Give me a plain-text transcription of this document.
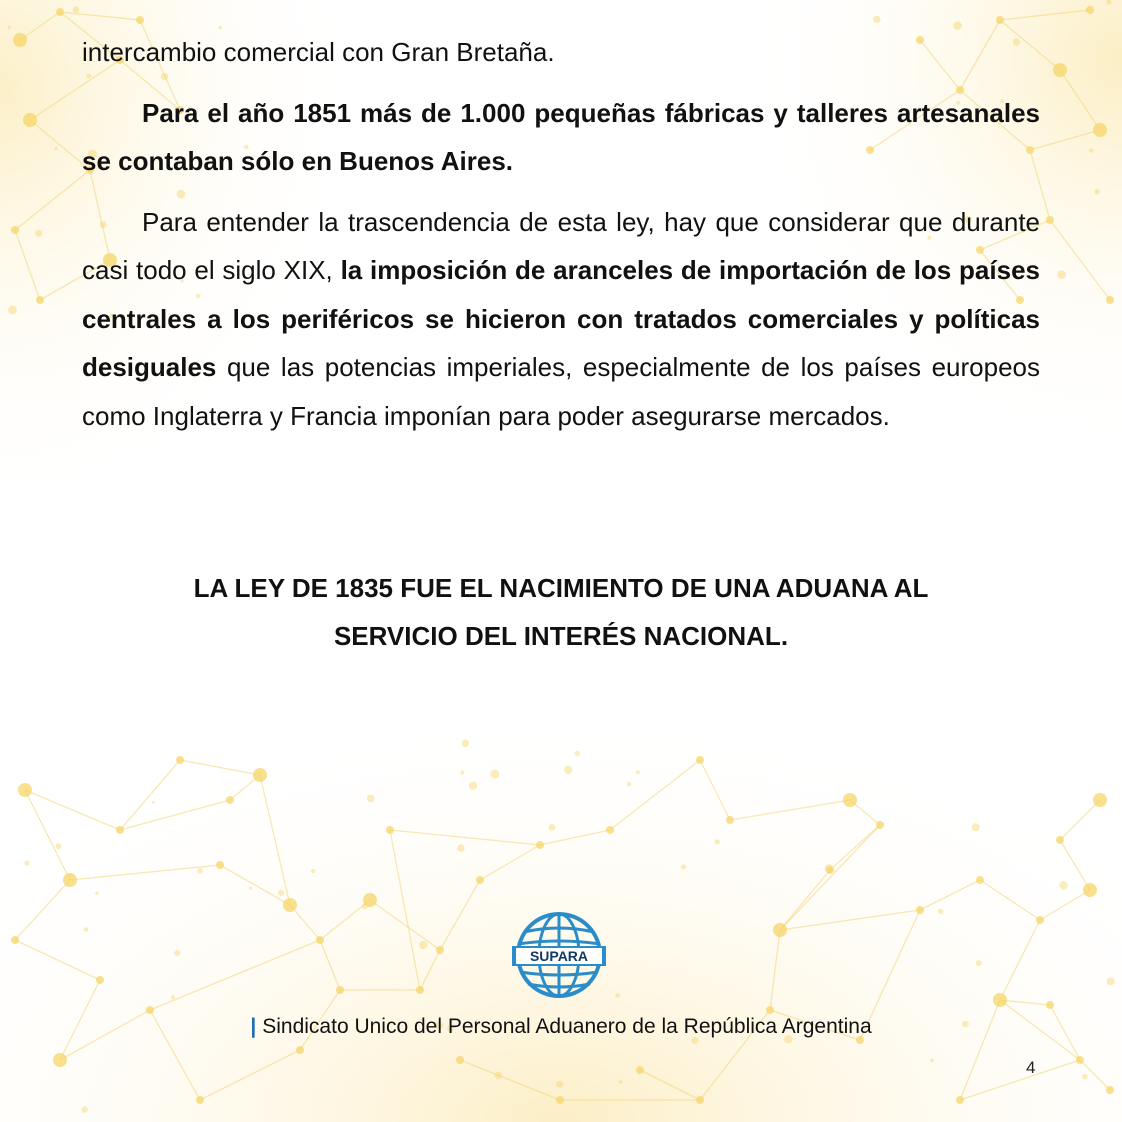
intercambio comercial con Gran Bretaña.

Para el año 1851 más de 1.000 pequeñas fábricas y talleres artesanales se contaban sólo en Buenos Aires.

Para entender la trascendencia de esta ley, hay que considerar que durante casi todo el siglo XIX, la imposición de aranceles de importación de los países centrales a los periféricos se hicieron con tratados comerciales y políticas desiguales que las potencias imperiales, especialmente de los países europeos como Inglaterra y Francia imponían para poder asegurarse mercados.

LA LEY DE 1835 FUE EL NACIMIENTO DE UNA ADUANA AL
SERVICIO DEL INTERÉS NACIONAL.
SUPARA
| Sindicato Unico del Personal Aduanero de la República Argentina
4
